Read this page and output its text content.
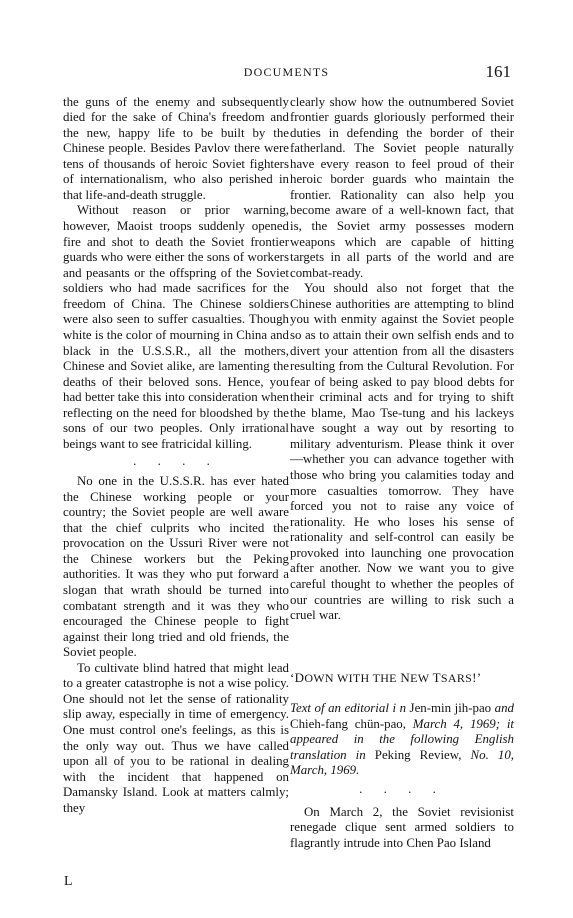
DOCUMENTS	161

the guns of the enemy and subsequently died for the sake of China's freedom and the new, happy life to be built by the Chinese people. Besides Pavlov there were tens of thousands of heroic Soviet fighters of internationalism, who also perished in that life-and-death struggle.

Without reason or prior warning, however, Maoist troops suddenly opened fire and shot to death the Soviet frontier guards who were either the sons of workers and peasants or the offspring of the Soviet soldiers who had made sacrifices for the freedom of China. The Chinese soldiers were also seen to suffer casualties. Though white is the color of mourning in China and black in the U.S.S.R., all the mothers, Chinese and Soviet alike, are lamenting the deaths of their beloved sons. Hence, you had better take this into consideration when reflecting on the need for bloodshed by the sons of our two peoples. Only irrational beings want to see fratricidal killing.

. . . .

No one in the U.S.S.R. has ever hated the Chinese working people or your country; the Soviet people are well aware that the chief culprits who incited the provocation on the Ussuri River were not the Chinese workers but the Peking authorities. It was they who put forward a slogan that wrath should be turned into combatant strength and it was they who encouraged the Chinese people to fight against their long tried and old friends, the Soviet people.

To cultivate blind hatred that might lead to a greater catastrophe is not a wise policy. One should not let the sense of rationality slip away, especially in time of emergency. One must control one's feelings, as this is the only way out. Thus we have called upon all of you to be rational in dealing with the incident that happened on Damansky Island. Look at matters calmly; they

clearly show how the outnumbered Soviet frontier guards gloriously performed their duties in defending the border of their fatherland. The Soviet people naturally have every reason to feel proud of their heroic border guards who maintain the frontier. Rationality can also help you become aware of a well-known fact, that is, the Soviet army possesses modern weapons which are capable of hitting targets in all parts of the world and are combat-ready.

You should also not forget that the Chinese authorities are attempting to blind you with enmity against the Soviet people so as to attain their own selfish ends and to divert your attention from all the disasters resulting from the Cultural Revolution. For fear of being asked to pay blood debts for their criminal acts and for trying to shift the blame, Mao Tse-tung and his lackeys have sought a way out by resorting to military adventurism. Please think it over—whether you can advance together with those who bring you calamities today and more casualties tomorrow. They have forced you not to raise any voice of rationality. He who loses his sense of rationality and self-control can easily be provoked into launching one provocation after another. Now we want you to give careful thought to whether the peoples of our countries are willing to risk such a cruel war.

‘DOWN WITH THE NEW TSARS!’

Text of an editorial i n Jen-min jih-pao and Chieh-fang chün-pao, March 4, 1969; it appeared in the following English translation in Peking Review, No. 10, March, 1969.

. . . .

On March 2, the Soviet revisionist renegade clique sent armed soldiers to flagrantly intrude into Chen Pao Island

L
